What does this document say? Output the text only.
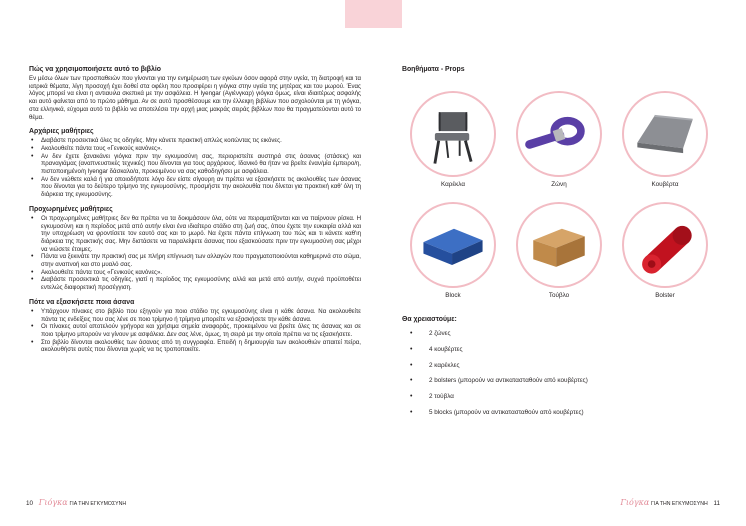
Πώς να χρησιμοποιήσετε αυτό το βιβλίο
Εν μέσω όλων των προσπαθειών που γίνονται για την ενημέρωση των εγκύων όσον αφορά στην υγεία, τη διατροφή και τα ιατρικά θέματα, λίγη προσοχή έχει δοθεί στα οφέλη που προσφέρει η γιόγκα στην υγεία της μητέρας και του μωρού. Ένας λόγος μπορεί να είναι η αντιαυιλα σκεπικά με την ασφάλεια. Η Iyengar (Αγιένγκαρ) γιόγκα όμως, είναι ιδιαιτέρως ασφαλής και αυτό φαίνεται από το πρώτο μάθημα. Αν σε αυτό προσθέσουμε και την έλλειψη βιβλίων που ασχολούνται με τη γιόγκα, στα ελληνικά, εύχομαι αυτό το βιβλίο να αποτελέσει την αρχή μιας μακράς σειράς βιβλίων που θα πραγματεύονται αυτό το θέμα.
Αρχάριες μαθήτριες
• Διαβάστε προσεκτικά όλες τις οδηγίες. Μην κάνετε πρακτική απλώς κοιτώντας τις εικόνες.
• Ακολουθείτε πάντα τους «Γενικούς κανόνες».
• Αν δεν έχετε ξανακάνει γιόγκα πριν την εγκυμοσύνη σας, περιοριστείτε αυστηρά στις άσανας (στάσεις) και πραναγιάμας (αναπνευστικές τεχνικές) που δίνονται για τους αρχάριους. Ιδανικό θα ήταν να βρείτε έναν/μία έμπειρο/η, πιστοποιημένο/η Iyengar δάσκαλο/α, προκειμένου να σας καθοδηγήσει με ασφάλεια.
• Αν δεν νιώθετε καλά ή για οποιοδήποτε λόγο δεν είστε σίγουρη αν πρέπει να εξασκήσετε τις ακολουθίες των άσανας που δίνονται για το δεύτερο τρίμηνο της εγκυμοσύνης, προσμήστε την ακολουθία που δίνεται για πρακτική καθ' όλη τη διάρκεια της εγκυμοσύνης.
Προχωρημένες μαθήτριες
• Οι προχωρημένες μαθήτριες δεν θα πρέπει να τα δοκιμάσουν όλα, ούτε να πειραματίζονται και να παίρνουν ρίσκα. Η εγκυμοσύνη και η περίοδος μετά από αυτήν είναι ένα ιδιαίτερο στάδιο στη ζωή σας, όπου έχετε την ευκαιρία αλλά και την υποχρέωση να φροντίσετε τον εαυτό σας και το μωρό. Να έχετε πάντα επίγνωση του πώς και τι κάνετε καθ'ιη διάρκεια της πρακτικής σας. Μην διστάσετε να παραλείψετε άσανας που εξασκούσατε πριν την εγκυμοσύνη σας μέχρι να νιώσετε έτοιμες.
• Πάντα να ξεκινάτε την πρακτική σας με πλήρη επίγνωση των αλλαγών που πραγματοποιούνται καθημερινά στο σώμα, στην αναπνοή και στο μυαλό σας.
• Ακολουθείτε πάντα τους «Γενικούς κανόνες».
• Διαβάστε προσεκτικά τις οδηγίες, γιατί η περίοδος της εγκυμοσύνης αλλά και μετά από αυτήν, συχνά προϋποθέτει εντελώς διαφορετική προσέγγιση.
Πότε να εξασκήσετε ποια άσανα
• Υπάρχουν πίνακες στο βιβλίο που εξηγούν για ποιο στάδιο της εγκυμοσύνης είναι η κάθε άσανα. Να ακολουθείτε πάντα τις ενδείξεις που σας λένε σε ποιο τρίμηνο ή τρίμηνα μπορείτε να εξασκήσετε την κάθε άσανα.
• Οι πίνακες αυτοί αποτελούν γρήγορα και χρήσιμα σημεία αναφοράς, προκειμένου να βρείτε όλες τις άσανας και σε ποιο τρίμηνο μπορούν να γίνουν με ασφάλεια. Δεν σας λένε, όμως, τη σειρά με την οποία πρέπει να τις εξασκήσετε.
• Στο βιβλίο δίνονται ακολουθίες των άσανας από τη συγγραφέα. Επειδή η δημιουργία των ακολουθιών απαιτεί πείρα, ακολουθήστε αυτές που δίνονται χωρίς να τις τροποποιείτε.
Βοηθήματα - Props
Καρέκλα	Ζώνη	Κουβέρτα
Block	Τούβλο	Bolster
Θα χρειαστούμε:
• 2 ζώνες
• 4 κουβέρτες
• 2 καρέκλες
• 2 bolsters (μπορούν να αντικατασταθούν από κουβέρτες)
• 2 τούβλα
• 5 blocks (μπορούν να αντικατασταθούν από κουβέρτες)
10 Γιόγκα ΓΙΑ ΤΗΝ ΕΓΚΥΜΟΣΥΝΗ	Γιόγκα ΓΙΑ ΤΗΝ ΕΓΚΥΜΟΣΥΝΗ 11
